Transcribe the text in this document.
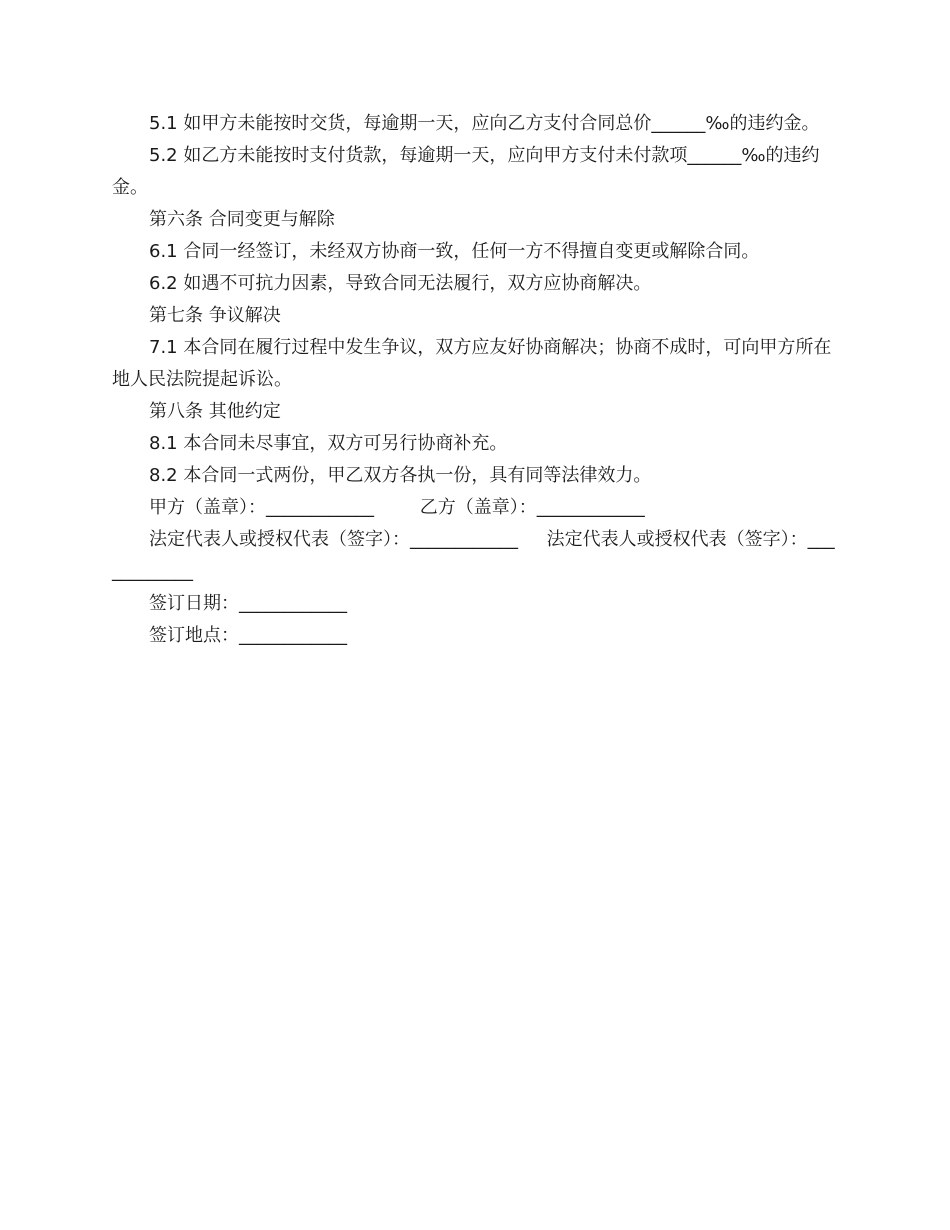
5.1 如甲方未能按时交货，每逾期一天，应向乙方支付合同总价______‰的违约金。

5.2 如乙方未能按时支付货款，每逾期一天，应向甲方支付未付款项______‰的违约金。

第六条 合同变更与解除

6.1 合同一经签订，未经双方协商一致，任何一方不得擅自变更或解除合同。

6.2 如遇不可抗力因素，导致合同无法履行，双方应协商解决。

第七条 争议解决

7.1 本合同在履行过程中发生争议，双方应友好协商解决；协商不成时，可向甲方所在地人民法院提起诉讼。

第八条 其他约定

8.1 本合同未尽事宜，双方可另行协商补充。

8.2 本合同一式两份，甲乙双方各执一份，具有同等法律效力。

甲方（盖章）：____________	乙方（盖章）：____________

法定代表人或授权代表（签字）：____________ 法定代表人或授权代表（签字）：____________

签订日期：____________

签订地点：____________
